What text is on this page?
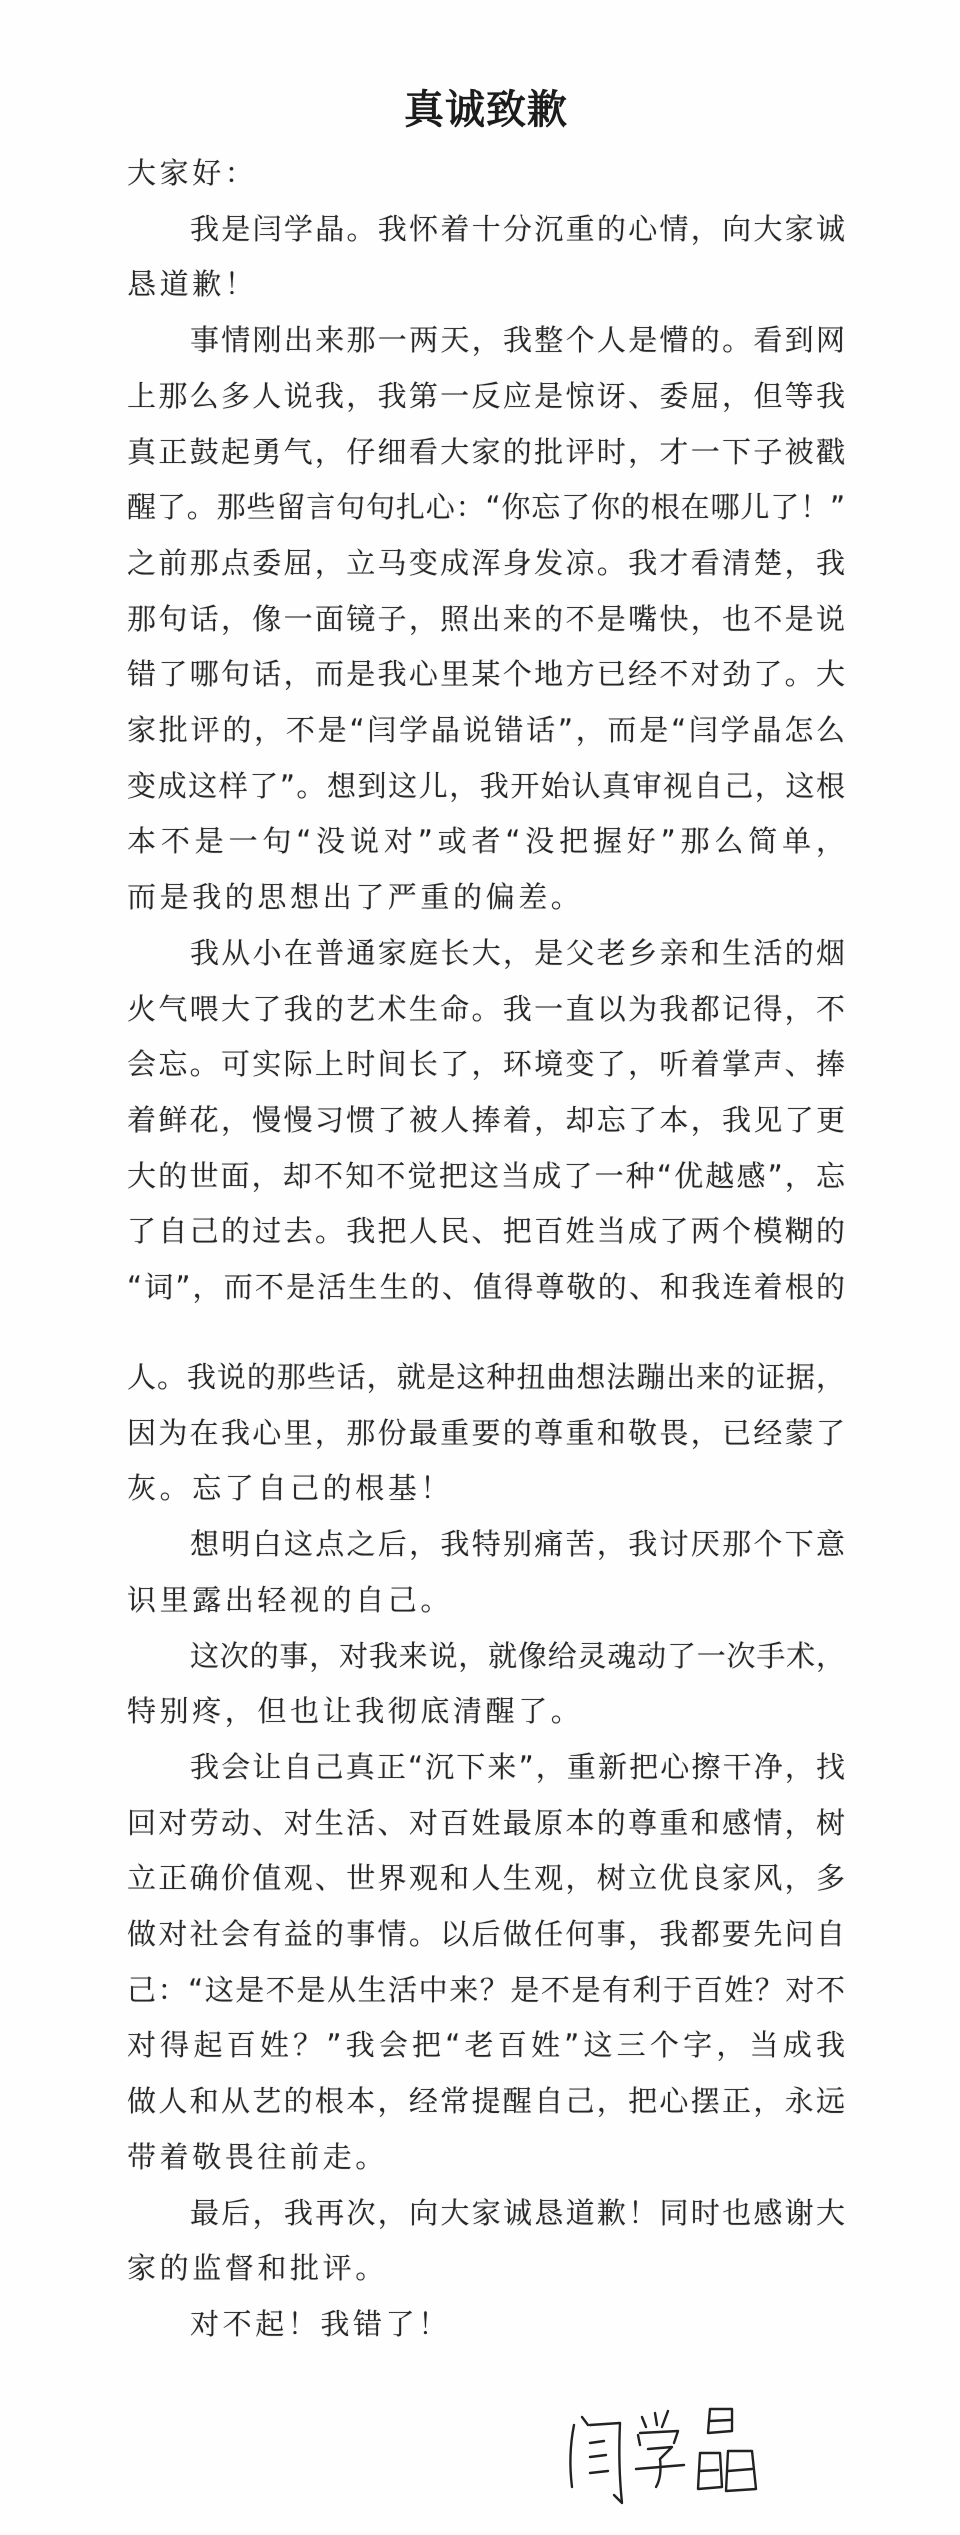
真诚致歉
大家好：
我是闫学晶。我怀着十分沉重的心情，向大家诚
恳道歉！
事情刚出来那一两天，我整个人是懵的。看到网
上那么多人说我，我第一反应是惊讶、委屈，但等我
真正鼓起勇气，仔细看大家的批评时，才一下子被戳
醒了。那些留言句句扎心：“你忘了你的根在哪儿了！”
之前那点委屈，立马变成浑身发凉。我才看清楚，我
那句话，像一面镜子，照出来的不是嘴快，也不是说
错了哪句话，而是我心里某个地方已经不对劲了。大
家批评的，不是“闫学晶说错话”，而是“闫学晶怎么
变成这样了”。想到这儿，我开始认真审视自己，这根
本不是一句“没说对”或者“没把握好”那么简单，
而是我的思想出了严重的偏差。
我从小在普通家庭长大，是父老乡亲和生活的烟
火气喂大了我的艺术生命。我一直以为我都记得，不
会忘。可实际上时间长了，环境变了，听着掌声、捧
着鲜花，慢慢习惯了被人捧着，却忘了本，我见了更
大的世面，却不知不觉把这当成了一种“优越感”，忘
了自己的过去。我把人民、把百姓当成了两个模糊的
“词”，而不是活生生的、值得尊敬的、和我连着根的
人。我说的那些话，就是这种扭曲想法蹦出来的证据，
因为在我心里，那份最重要的尊重和敬畏，已经蒙了
灰。忘了自己的根基！
想明白这点之后，我特别痛苦，我讨厌那个下意
识里露出轻视的自己。
这次的事，对我来说，就像给灵魂动了一次手术，
特别疼，但也让我彻底清醒了。
我会让自己真正“沉下来”，重新把心擦干净，找
回对劳动、对生活、对百姓最原本的尊重和感情，树
立正确价值观、世界观和人生观，树立优良家风，多
做对社会有益的事情。以后做任何事，我都要先问自
己：“这是不是从生活中来？是不是有利于百姓？对不
对得起百姓？”我会把“老百姓”这三个字，当成我
做人和从艺的根本，经常提醒自己，把心摆正，永远
带着敬畏往前走。
最后，我再次，向大家诚恳道歉！同时也感谢大
家的监督和批评。
对不起！我错了！
